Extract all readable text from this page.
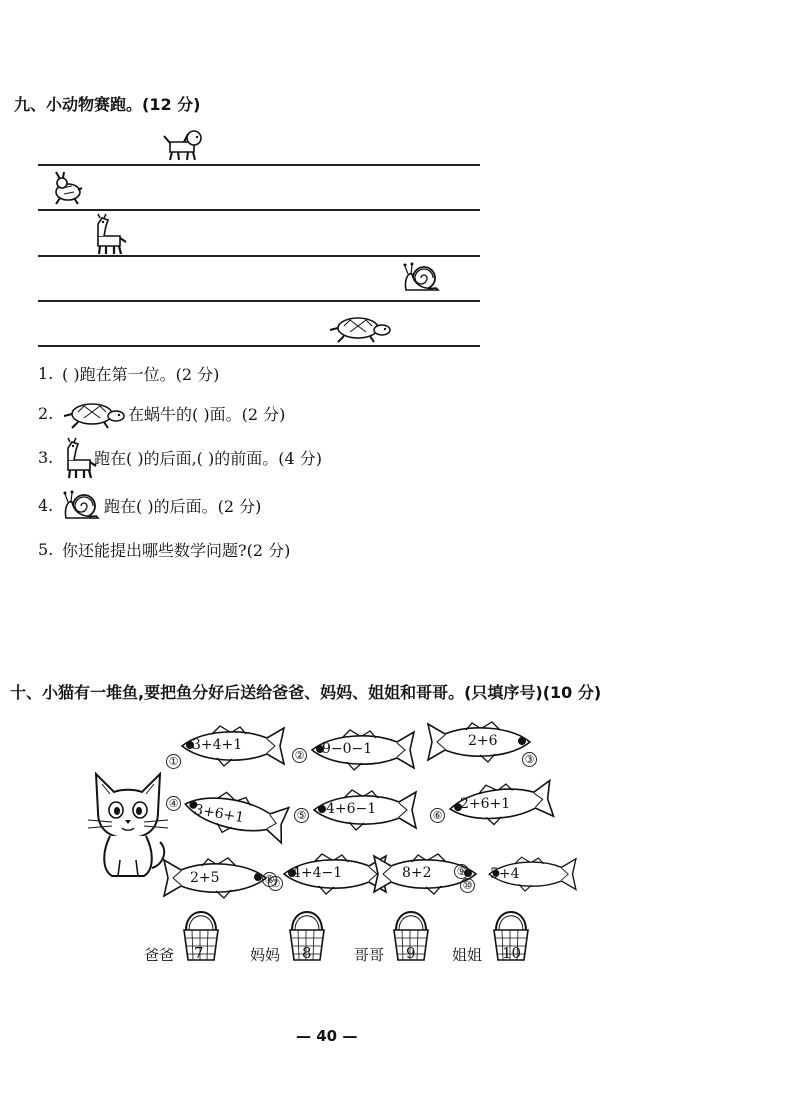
九、小动物赛跑。(12 分)
1. ( )跑在第一位。(2 分)
2.	在蜗牛的( )面。(2 分)
3.	跑在( )的后面,( )的前面。(4 分)
4.	跑在( )的后面。(2 分)
5. 你还能提出哪些数学问题?(2 分)
十、小猫有一堆鱼,要把鱼分好后送给爸爸、妈妈、姐姐和哥哥。(只填序号)(10 分)
①
3+4+1
② 9−0−1
③
2+6
④ 3+6+1	⑤ 4+6−1	⑥
2+6+1
⑦
2+5	⑧ 4+4−1	⑨
8+2
⑩
5+4
爸爸 7	妈妈 8	哥哥 9 姐姐 10
— 40 —
